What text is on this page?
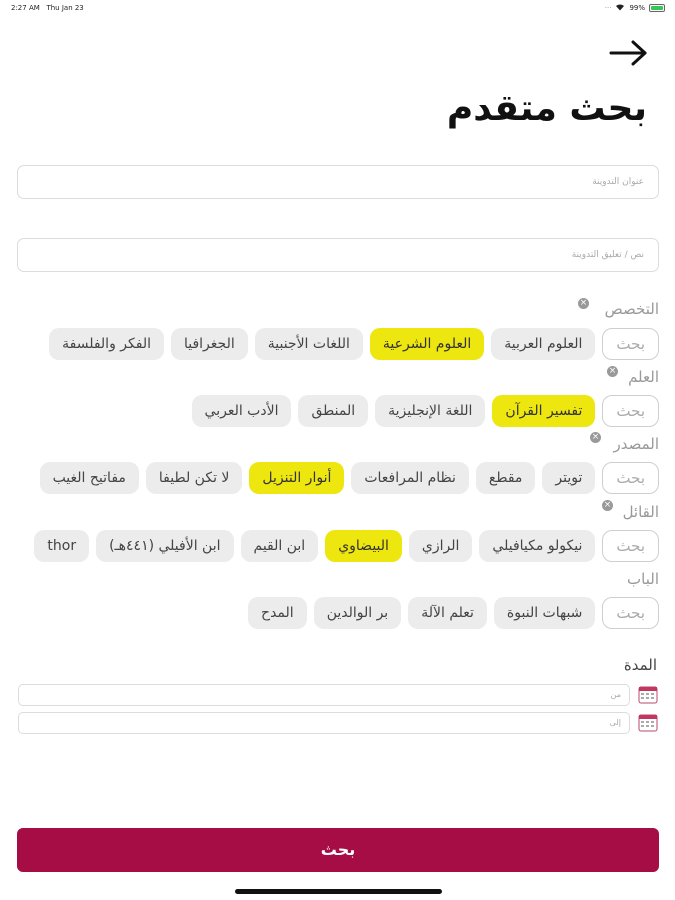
2:27 AM Thu Jan 23	···	99%
بحث متقدم
عنوان التدوينة
نص / تعليق التدوينة
التخصص
×
بحث
العلوم العربية
العلوم الشرعية
اللغات الأجنبية
الجغرافيا
الفكر والفلسفة
العلم
×
بحث
تفسير القرآن
اللغة الإنجليزية
المنطق
الأدب العربي
المصدر
×
بحث
تويتر
مقطع
نظام المرافعات
أنوار التنزيل
لا تكن لطيفا
مفاتيح الغيب
القائل
×
بحث
نيكولو مكيافيلي
الرازي
البيضاوي
ابن القيم
ابن الأفيلي (٤٤١هـ)
thor
الباب
بحث
شبهات النبوة
تعلم الآلة
بر الوالدين
المدح
المدة
من
إلى
بحث
